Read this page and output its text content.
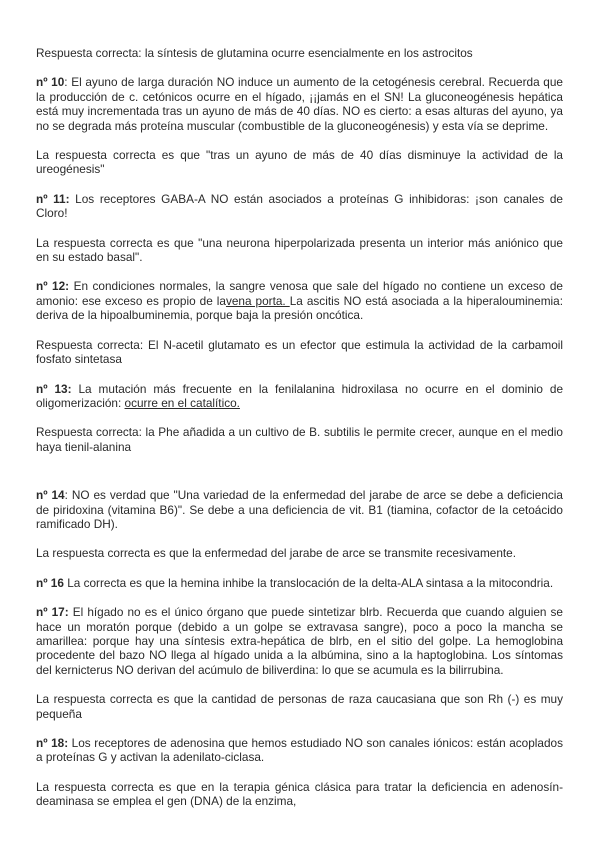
Respuesta correcta: la síntesis de glutamina ocurre esencialmente en los astrocitos

nº 10: El ayuno de larga duración NO induce un aumento de la cetogénesis cerebral. Recuerda que la producción de c. cetónicos ocurre en el hígado, ¡¡jamás en el SN! La gluconeogénesis hepática está muy incrementada tras un ayuno de más de 40 días. NO es cierto: a esas alturas del ayuno, ya no se degrada más proteína muscular (combustible de la gluconeogénesis) y esta vía se deprime.

La respuesta correcta es que "tras un ayuno de más de 40 días disminuye la actividad de la ureogénesis"

nº 11: Los receptores GABA-A NO están asociados a proteínas G inhibidoras: ¡son canales de Cloro!

La respuesta correcta es que "una neurona hiperpolarizada presenta un interior más aniónico que en su estado basal".

nº 12: En condiciones normales, la sangre venosa que sale del hígado no contiene un exceso de amonio: ese exceso es propio de lavena porta. La ascitis NO está asociada a la hiperalouminemia: deriva de la hipoalbuminemia, porque baja la presión oncótica.

Respuesta correcta: El N-acetil glutamato es un efector que estimula la actividad de la carbamoil fosfato sintetasa

nº 13: La mutación más frecuente en la fenilalanina hidroxilasa no ocurre en el dominio de oligomerización: ocurre en el catalítico.

Respuesta correcta: la Phe añadida a un cultivo de B. subtilis le permite crecer, aunque en el medio haya tienil-alanina

nº 14: NO es verdad que "Una variedad de la enfermedad del jarabe de arce se debe a deficiencia de piridoxina (vitamina B6)". Se debe a una deficiencia de vit. B1 (tiamina, cofactor de la cetoácido ramificado DH).

La respuesta correcta es que la enfermedad del jarabe de arce se transmite recesivamente.

nº 16 La correcta es que la hemina inhibe la translocación de la delta-ALA sintasa a la mitocondria.

nº 17: El hígado no es el único órgano que puede sintetizar blrb. Recuerda que cuando alguien se hace un moratón porque (debido a un golpe se extravasa sangre), poco a poco la mancha se amarillea: porque hay una síntesis extra-hepática de blrb, en el sitio del golpe. La hemoglobina procedente del bazo NO llega al hígado unida a la albúmina, sino a la haptoglobina. Los síntomas del kernicterus NO derivan del acúmulo de biliverdina: lo que se acumula es la bilirrubina.

La respuesta correcta es que la cantidad de personas de raza caucasiana que son Rh (-) es muy pequeña

nº 18: Los receptores de adenosina que hemos estudiado NO son canales iónicos: están acoplados a proteínas G y activan la adenilato-ciclasa.

La respuesta correcta es que en la terapia génica clásica para tratar la deficiencia en adenosín-deaminasa se emplea el gen (DNA) de la enzima,
